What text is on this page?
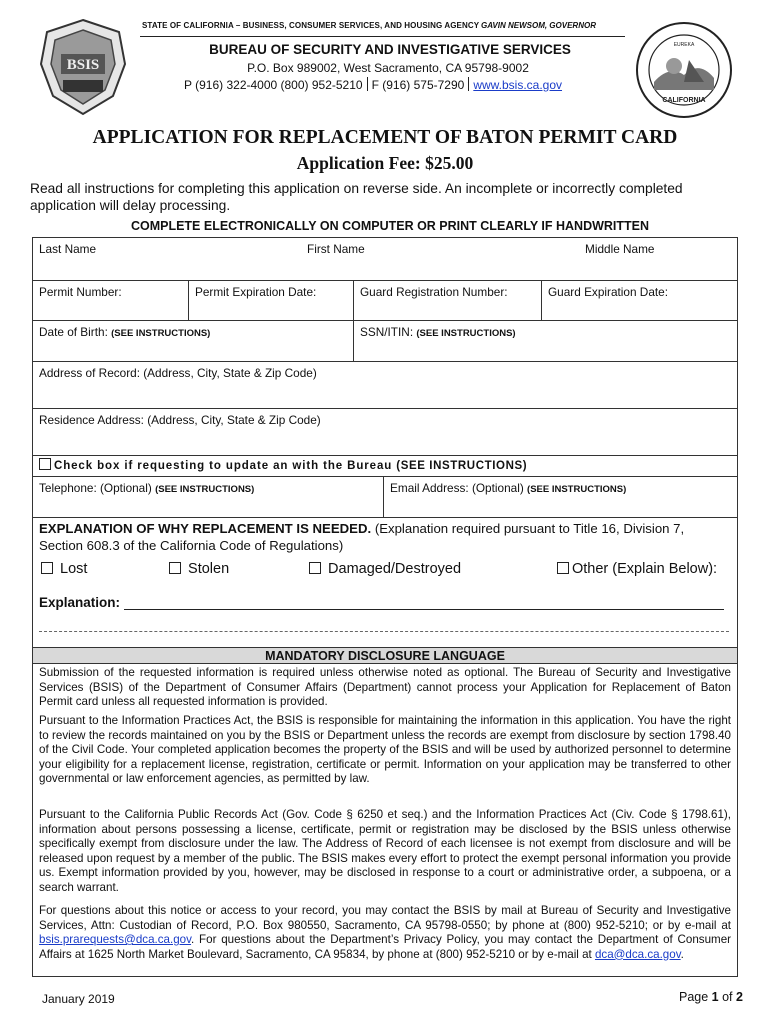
STATE OF CALIFORNIA – BUSINESS, CONSUMER SERVICES, AND HOUSING AGENCY GAVIN NEWSOM, GOVERNOR
BSIS
CALIFORNIA
EUREKA
BUREAU OF SECURITY AND INVESTIGATIVE SERVICES
P.O. Box 989002, West Sacramento, CA 95798-9002
P (916) 322-4000 (800) 952-5210 F (916) 575-7290 www.bsis.ca.gov
APPLICATION FOR REPLACEMENT OF BATON PERMIT CARD
Application Fee: $25.00
Read all instructions for completing this application on reverse side. An incomplete or incorrectly completed application will delay processing.
COMPLETE ELECTRONICALLY ON COMPUTER OR PRINT CLEARLY IF HANDWRITTEN
Last Name	First Name	Middle Name
Permit Number:	Permit Expiration Date:	Guard Registration Number:	Guard Expiration Date:
Date of Birth: (SEE INSTRUCTIONS)	SSN/ITIN: (SEE INSTRUCTIONS)
Address of Record: (Address, City, State & Zip Code)
Residence Address: (Address, City, State & Zip Code)
Check box if requesting to update an with the Bureau (SEE INSTRUCTIONS)
Telephone: (Optional) (SEE INSTRUCTIONS)	Email Address: (Optional) (SEE INSTRUCTIONS)
EXPLANATION OF WHY REPLACEMENT IS NEEDED. (Explanation required pursuant to Title 16, Division 7, Section 608.3 of the California Code of Regulations)
Lost	Stolen	Damaged/Destroyed	Other (Explain Below):
Explanation:
MANDATORY DISCLOSURE LANGUAGE
Submission of the requested information is required unless otherwise noted as optional. The Bureau of Security and Investigative Services (BSIS) of the Department of Consumer Affairs (Department) cannot process your Application for Replacement of Baton Permit card unless all requested information is provided.
Pursuant to the Information Practices Act, the BSIS is responsible for maintaining the information in this application. You have the right to review the records maintained on you by the BSIS or Department unless the records are exempt from disclosure by section 1798.40 of the Civil Code. Your completed application becomes the property of the BSIS and will be used by authorized personnel to determine your eligibility for a replacement license, registration, certificate or permit. Information on your application may be transferred to other governmental or law enforcement agencies, as permitted by law.
Pursuant to the California Public Records Act (Gov. Code § 6250 et seq.) and the Information Practices Act (Civ. Code § 1798.61), information about persons possessing a license, certificate, permit or registration may be disclosed by the BSIS unless otherwise specifically exempt from disclosure under the law. The Address of Record of each licensee is not exempt from disclosure and will be released upon request by a member of the public. The BSIS makes every effort to protect the exempt personal information you provide us. Exempt information provided by you, however, may be disclosed in response to a court or administrative order, a subpoena, or a search warrant.
For questions about this notice or access to your record, you may contact the BSIS by mail at Bureau of Security and Investigative Services, Attn: Custodian of Record, P.O. Box 980550, Sacramento, CA 95798-0550; by phone at (800) 952-5210; or by e-mail at bsis.prarequests@dca.ca.gov. For questions about the Department’s Privacy Policy, you may contact the Department of Consumer Affairs at 1625 North Market Boulevard, Sacramento, CA 95834, by phone at (800) 952-5210 or by e-mail at dca@dca.ca.gov.
January 2019	Page 1 of 2
